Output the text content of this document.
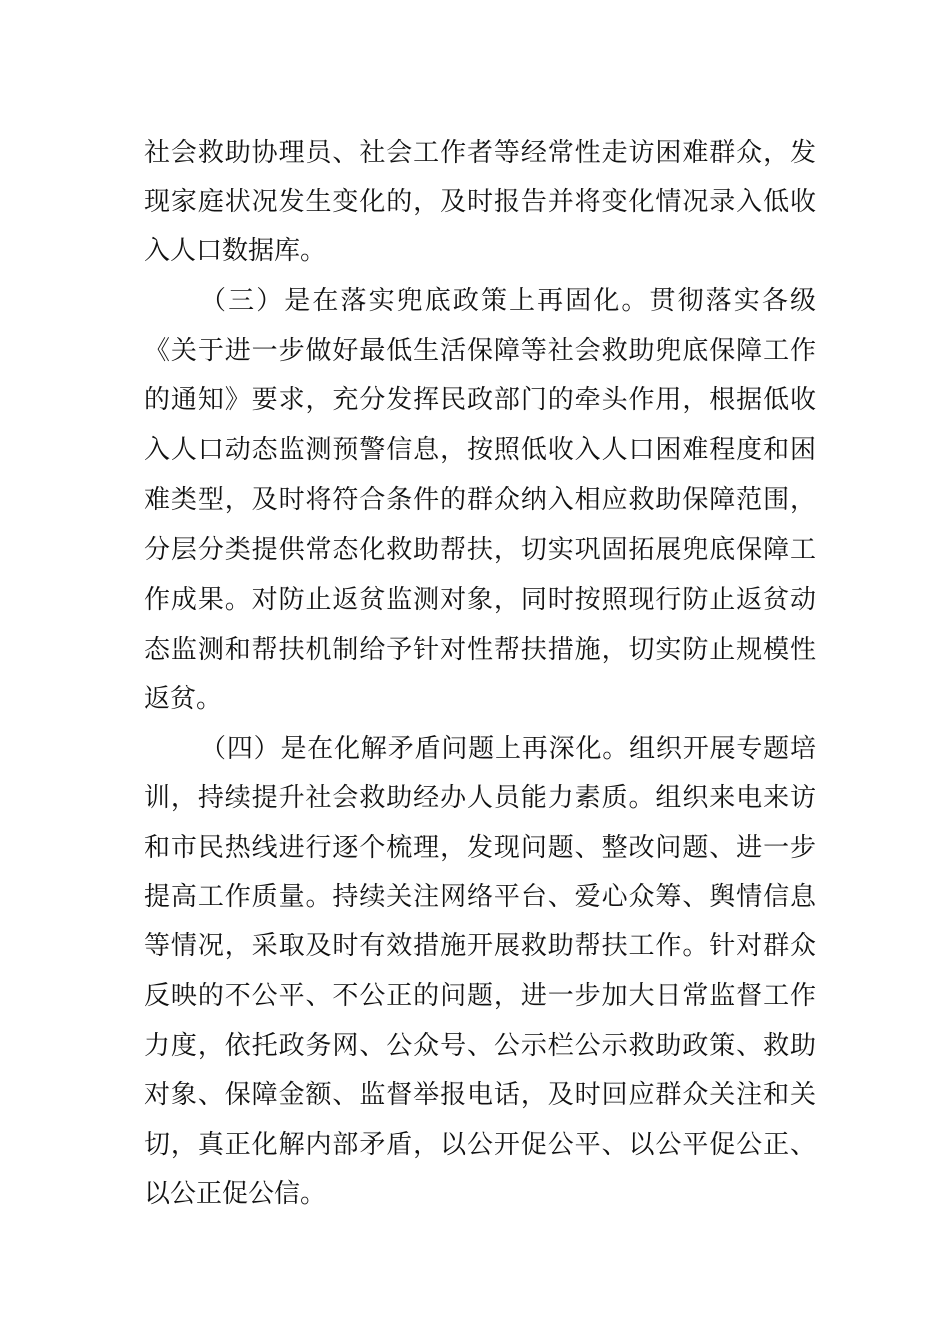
社会救助协理员、社会工作者等经常性走访困难群众，发
现家庭状况发生变化的，及时报告并将变化情况录入低收
入人口数据库。
（三）是在落实兜底政策上再固化。贯彻落实各级
《关于进一步做好最低生活保障等社会救助兜底保障工作
的通知》要求，充分发挥民政部门的牵头作用，根据低收
入人口动态监测预警信息，按照低收入人口困难程度和困
难类型，及时将符合条件的群众纳入相应救助保障范围，
分层分类提供常态化救助帮扶，切实巩固拓展兜底保障工
作成果。对防止返贫监测对象，同时按照现行防止返贫动
态监测和帮扶机制给予针对性帮扶措施，切实防止规模性
返贫。
（四）是在化解矛盾问题上再深化。组织开展专题培
训，持续提升社会救助经办人员能力素质。组织来电来访
和市民热线进行逐个梳理，发现问题、整改问题、进一步
提高工作质量。持续关注网络平台、爱心众筹、舆情信息
等情况，采取及时有效措施开展救助帮扶工作。针对群众
反映的不公平、不公正的问题，进一步加大日常监督工作
力度，依托政务网、公众号、公示栏公示救助政策、救助
对象、保障金额、监督举报电话，及时回应群众关注和关
切，真正化解内部矛盾，以公开促公平、以公平促公正、
以公正促公信。
